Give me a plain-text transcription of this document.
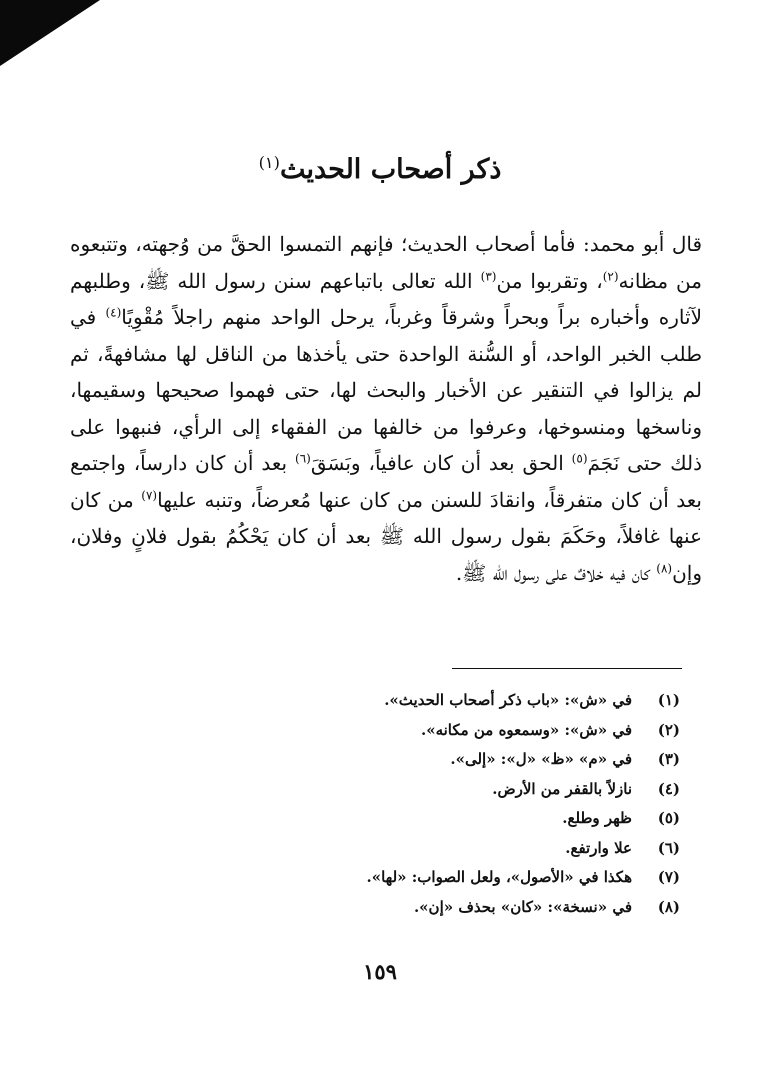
ذكر أصحاب الحديث$^{(١)}$

قال أبو محمد: فأما أصحاب الحديث؛ فإنهم التمسوا الحقَّ من وُجهته، وتتبعوه من مظانه$^{(٢)}$، وتقربوا من$^{(٣)}$ الله تعالى باتباعهم سنن رسول الله ﷺ، وطلبهم لآثاره وأخباره براً وبحراً وشرقاً وغرباً، يرحل الواحد منهم راجلاً مُقْوِيًا$^{(٤)}$ في طلب الخبر الواحد، أو السُّنة الواحدة حتى يأخذها من الناقل لها مشافهةً، ثم لم يزالوا في التنقير عن الأخبار والبحث لها، حتى فهموا صحيحها وسقيمها، وناسخها ومنسوخها، وعرفوا من خالفها من الفقهاء إلى الرأي، فنبهوا على ذلك حتى نَجَمَ$^{(٥)}$ الحق بعد أن كان عافياً، وبَسَقَ$^{(٦)}$ بعد أن كان دارساً، واجتمع بعد أن كان متفرقاً، وانقادَ للسنن من كان عنها مُعرضاً، وتنبه عليها$^{(٧)}$ من كان عنها غافلاً، وحَكَمَ بقول رسول الله ﷺ بعد أن كان يَحْكُمُ بقول فلانٍ وفلان، وإن$^{(٨)}$ كان فيه خلافٌ على رسول الله ﷺ.

(١)
في «ش»: «باب ذكر أصحاب الحديث».
(٢)
في «ش»: «وسمعوه من مكانه».
(٣)
في «م» «ظ» «ل»: «إلى».
(٤)
نازلاً بالقفر من الأرض.
(٥)
ظهر وطلع.
(٦)
علا وارتفع.
(٧)
هكذا في «الأصول»، ولعل الصواب: «لها».
(٨)
في «نسخة»: «كان» بحذف «إن».
١٥٩
